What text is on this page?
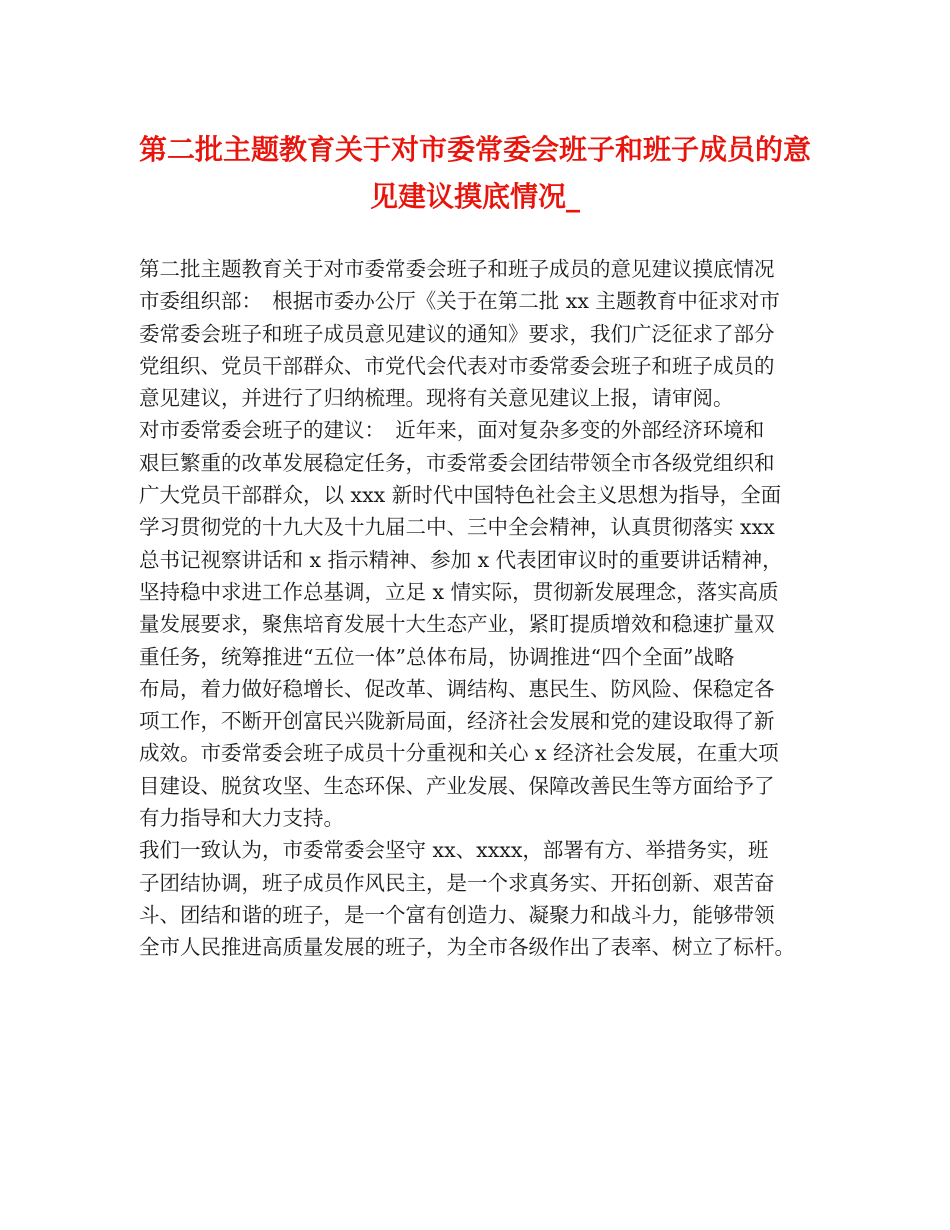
第二批主题教育关于对市委常委会班子和班子成员的意
见建议摸底情况_
第二批主题教育关于对市委常委会班子和班子成员的意见建议摸底情况
市委组织部：　根据市委办公厅《关于在第二批 xx 主题教育中征求对市
委常委会班子和班子成员意见建议的通知》要求，我们广泛征求了部分
党组织、党员干部群众、市党代会代表对市委常委会班子和班子成员的
意见建议，并进行了归纳梳理。现将有关意见建议上报，请审阅。
对市委常委会班子的建议：　近年来，面对复杂多变的外部经济环境和
艰巨繁重的改革发展稳定任务，市委常委会团结带领全市各级党组织和
广大党员干部群众，以 xxx 新时代中国特色社会主义思想为指导，全面
学习贯彻党的十九大及十九届二中、三中全会精神，认真贯彻落实 xxx
总书记视察讲话和 x 指示精神、参加 x 代表团审议时的重要讲话精神，
坚持稳中求进工作总基调，立足 x 情实际，贯彻新发展理念，落实高质
量发展要求，聚焦培育发展十大生态产业，紧盯提质增效和稳速扩量双
重任务，统筹推进“五位一体”总体布局，协调推进“四个全面”战略
布局，着力做好稳增长、促改革、调结构、惠民生、防风险、保稳定各
项工作，不断开创富民兴陇新局面，经济社会发展和党的建设取得了新
成效。市委常委会班子成员十分重视和关心 x 经济社会发展，在重大项
目建设、脱贫攻坚、生态环保、产业发展、保障改善民生等方面给予了
有力指导和大力支持。
我们一致认为，市委常委会坚守 xx、xxxx，部署有方、举措务实，班
子团结协调，班子成员作风民主，是一个求真务实、开拓创新、艰苦奋
斗、团结和谐的班子，是一个富有创造力、凝聚力和战斗力，能够带领
全市人民推进高质量发展的班子，为全市各级作出了表率、树立了标杆。
